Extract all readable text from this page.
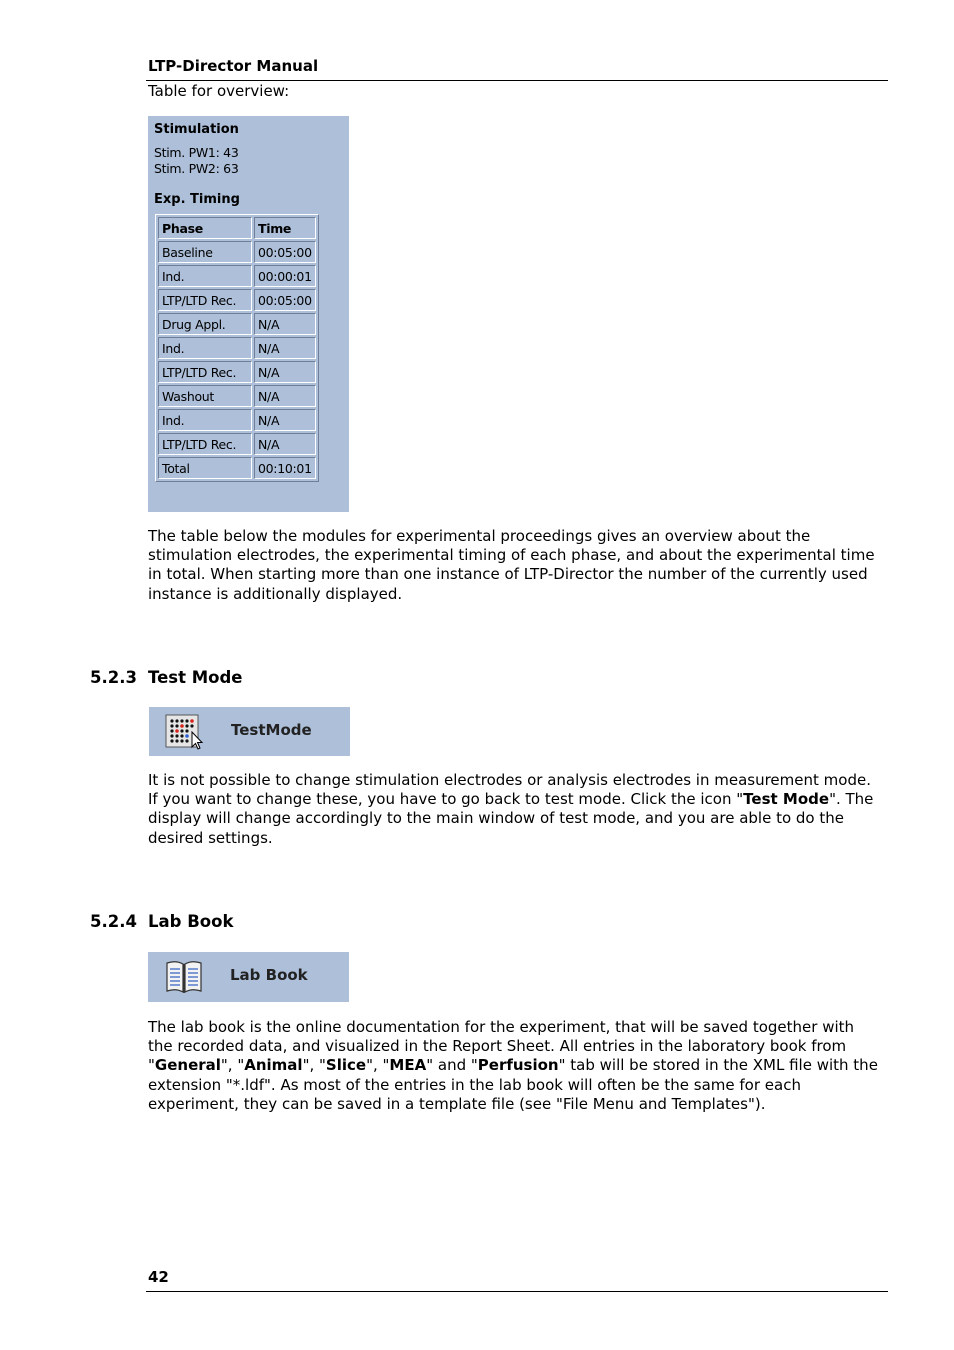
LTP-Director Manual
Table for overview:
Stimulation
Stim. PW1: 43
Stim. PW2: 63
Exp. Timing
Phase	Time
Baseline	00:05:00
Ind.	00:00:01
LTP/LTD Rec.	00:05:00
Drug Appl.	N/A
Ind.	N/A
LTP/LTD Rec.	N/A
Washout	N/A
Ind.	N/A
LTP/LTD Rec.	N/A
Total	00:10:01
The table below the modules for experimental proceedings gives an overview about the stimulation electrodes, the experimental timing of each phase, and about the experimental time in total. When starting more than one instance of LTP-Director the number of the currently used instance is additionally displayed.
5.2.3 Test Mode
TestMode
It is not possible to change stimulation electrodes or analysis electrodes in measurement mode. If you want to change these, you have to go back to test mode. Click the icon "Test Mode". The display will change accordingly to the main window of test mode, and you are able to do the desired settings.
5.2.4 Lab Book
Lab Book
The lab book is the online documentation for the experiment, that will be saved together with the recorded data, and visualized in the Report Sheet. All entries in the laboratory book from "General", "Animal", "Slice", "MEA" and "Perfusion" tab will be stored in the XML file with the extension "*.ldf". As most of the entries in the lab book will often be the same for each experiment, they can be saved in a template file (see "File Menu and Templates").
42
